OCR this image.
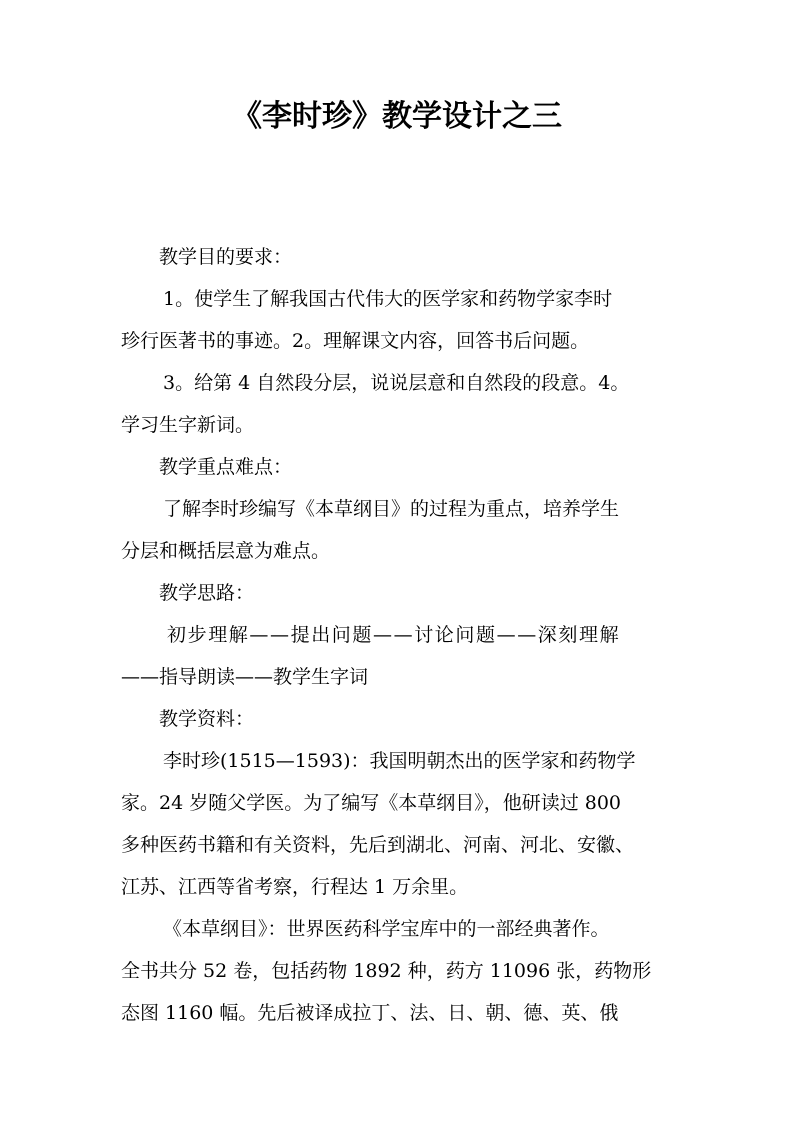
《李时珍》教学设计之三

教学目的要求：

1。使学生了解我国古代伟大的医学家和药物学家李时
珍行医著书的事迹。2。理解课文内容，回答书后问题。

3。给第 4 自然段分层，说说层意和自然段的段意。4。
学习生字新词。

教学重点难点：

了解李时珍编写《本草纲目》的过程为重点，培养学生
分层和概括层意为难点。

教学思路：

初步理解——提出问题——讨论问题——深刻理解
——指导朗读——教学生字词

教学资料：

李时珍(1515—1593)：我国明朝杰出的医学家和药物学
家。24 岁随父学医。为了编写《本草纲目》，他研读过 800
多种医药书籍和有关资料，先后到湖北、河南、河北、安徽、
江苏、江西等省考察，行程达 1 万余里。

《本草纲目》：世界医药科学宝库中的一部经典著作。
全书共分 52 卷，包括药物 1892 种，药方 11096 张，药物形
态图 1160 幅。先后被译成拉丁、法、日、朝、德、英、俄
